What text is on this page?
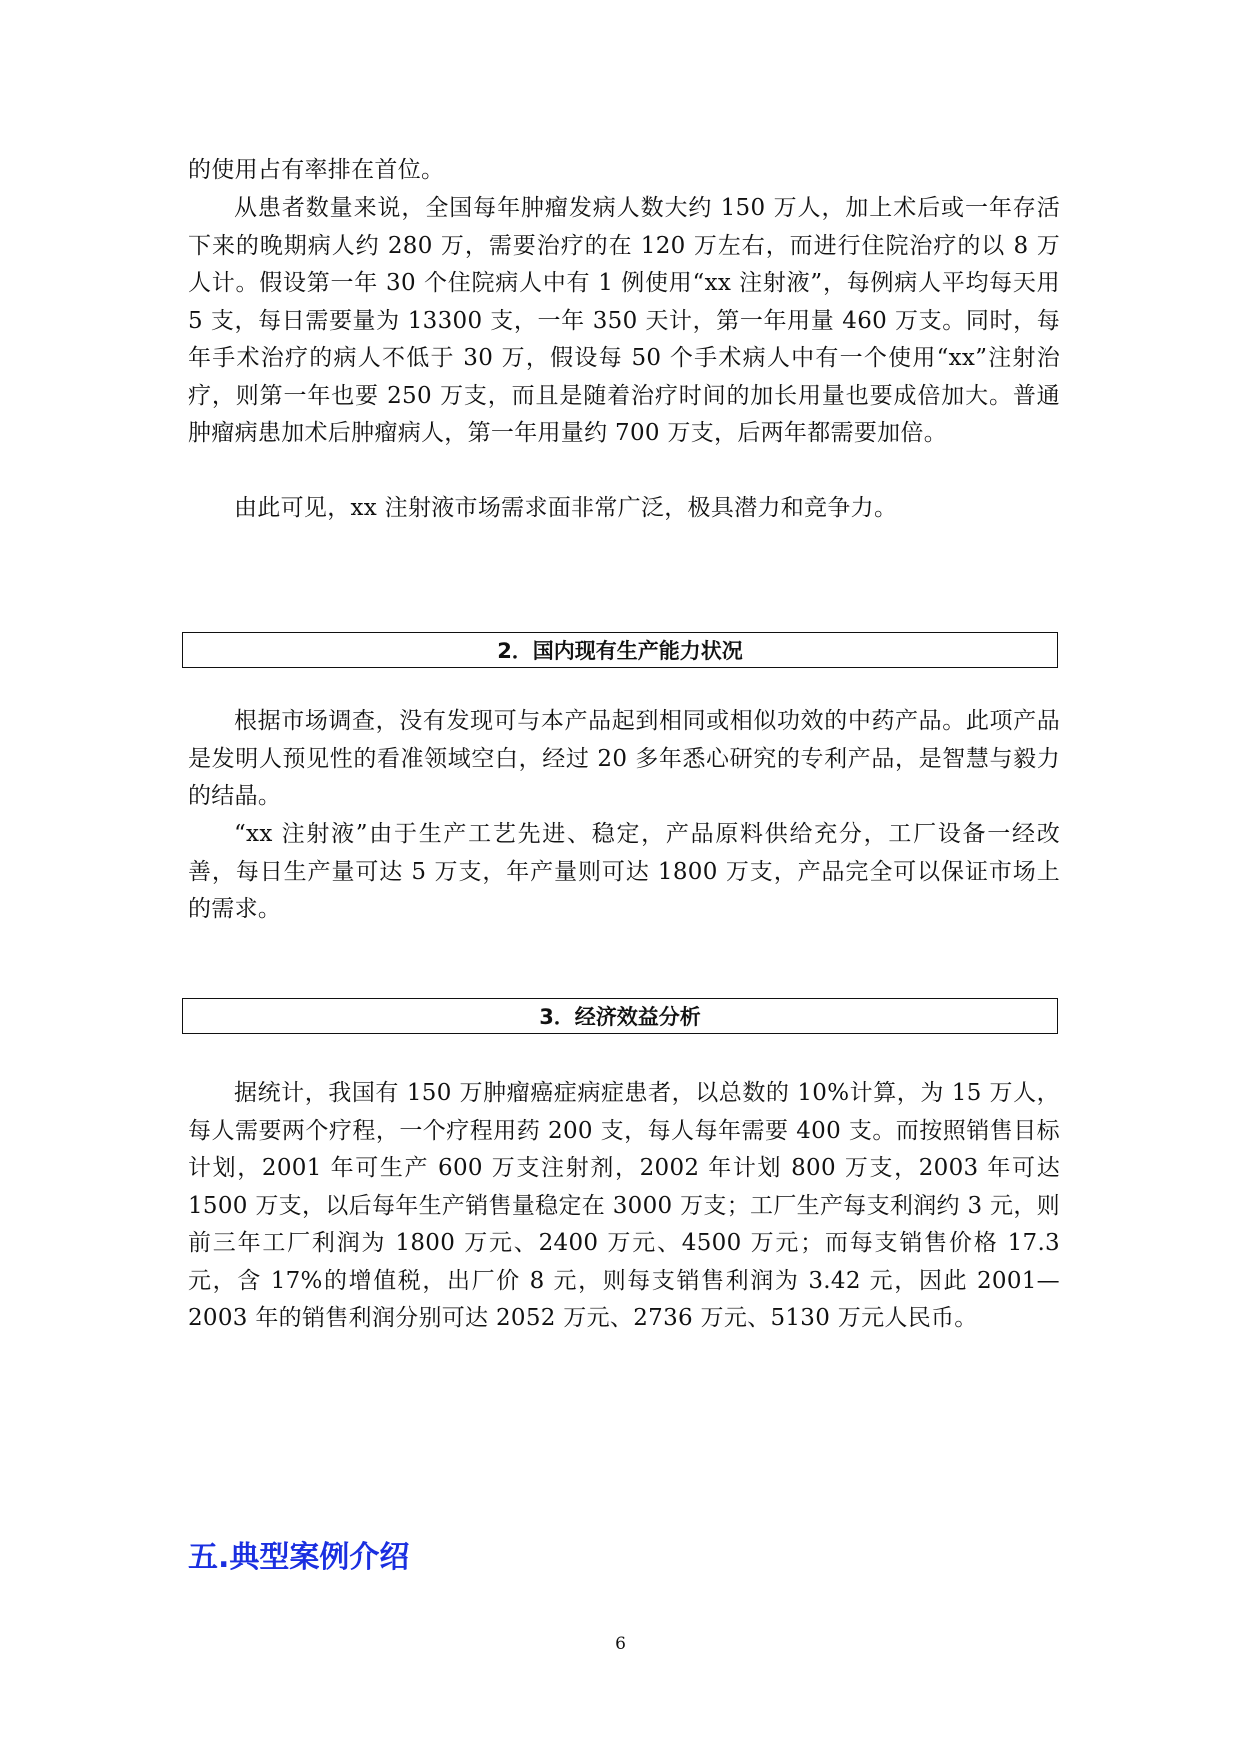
的使用占有率排在首位。

从患者数量来说，全国每年肿瘤发病人数大约 150 万人，加上术后或一年存活下来的晚期病人约 280 万，需要治疗的在 120 万左右，而进行住院治疗的以 8 万人计。假设第一年 30 个住院病人中有 1 例使用“xx 注射液”，每例病人平均每天用 5 支，每日需要量为 13300 支，一年 350 天计，第一年用量 460 万支。同时，每年手术治疗的病人不低于 30 万，假设每 50 个手术病人中有一个使用“xx”注射治疗，则第一年也要 250 万支，而且是随着治疗时间的加长用量也要成倍加大。普通肿瘤病患加术后肿瘤病人，第一年用量约 700 万支，后两年都需要加倍。

由此可见，xx 注射液市场需求面非常广泛，极具潜力和竞争力。

2．国内现有生产能力状况

根据市场调查，没有发现可与本产品起到相同或相似功效的中药产品。此项产品是发明人预见性的看准领域空白，经过 20 多年悉心研究的专利产品，是智慧与毅力的结晶。

“xx 注射液”由于生产工艺先进、稳定，产品原料供给充分，工厂设备一经改善，每日生产量可达 5 万支，年产量则可达 1800 万支，产品完全可以保证市场上的需求。

3．经济效益分析

据统计，我国有 150 万肿瘤癌症病症患者，以总数的 10%计算，为 15 万人，每人需要两个疗程，一个疗程用药 200 支，每人每年需要 400 支。而按照销售目标计划，2001 年可生产 600 万支注射剂，2002 年计划 800 万支，2003 年可达 1500 万支，以后每年生产销售量稳定在 3000 万支；工厂生产每支利润约 3 元，则前三年工厂利润为 1800 万元、2400 万元、4500 万元；而每支销售价格 17.3 元，含 17%的增值税，出厂价 8 元，则每支销售利润为 3.42 元，因此 2001—2003 年的销售利润分别可达 2052 万元、2736 万元、5130 万元人民币。

五.典型案例介绍
6
